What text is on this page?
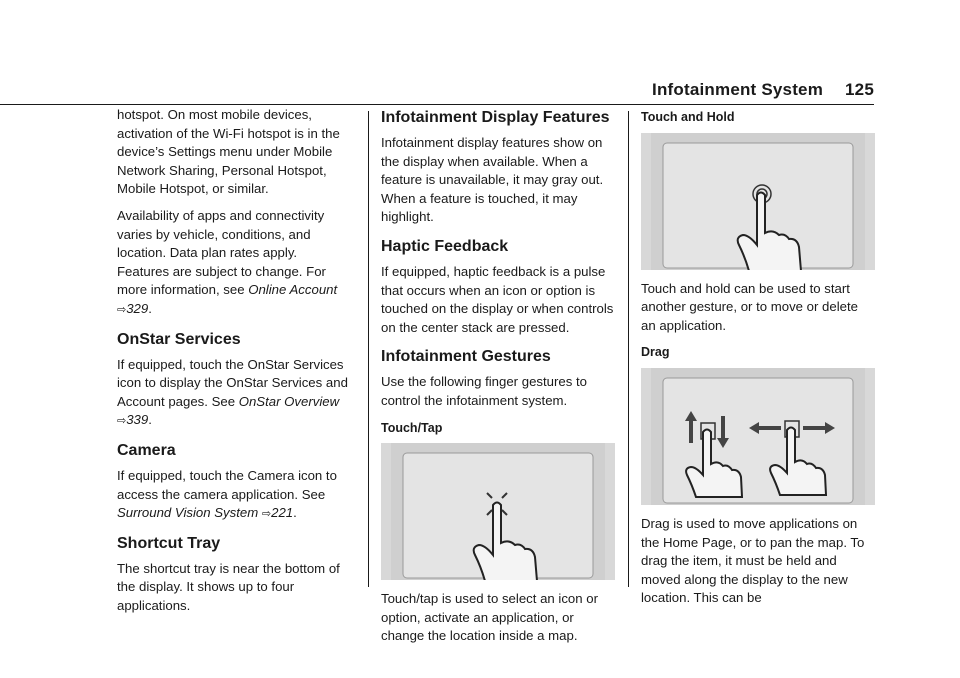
Infotainment System 125

hotspot. On most mobile devices, activation of the Wi-Fi hotspot is in the device’s Settings menu under Mobile Network Sharing, Personal Hotspot, Mobile Hotspot, or similar.

Availability of apps and connectivity varies by vehicle, conditions, and location. Data plan rates apply. Features are subject to change. For more information, see Online Account ⇨329.

OnStar Services

If equipped, touch the OnStar Services icon to display the OnStar Services and Account pages. See OnStar Overview ⇨339.

Camera

If equipped, touch the Camera icon to access the camera application. See Surround Vision System ⇨221.

Shortcut Tray

The shortcut tray is near the bottom of the display. It shows up to four applications.

Infotainment Display Features

Infotainment display features show on the display when available. When a feature is unavailable, it may gray out. When a feature is touched, it may highlight.

Haptic Feedback

If equipped, haptic feedback is a pulse that occurs when an icon or option is touched on the display or when controls on the center stack are pressed.

Infotainment Gestures

Use the following finger gestures to control the infotainment system.

Touch/Tap

Touch/tap is used to select an icon or option, activate an application, or change the location inside a map.

Touch and Hold

Touch and hold can be used to start another gesture, or to move or delete an application.

Drag

Drag is used to move applications on the Home Page, or to pan the map. To drag the item, it must be held and moved along the display to the new location. This can be
